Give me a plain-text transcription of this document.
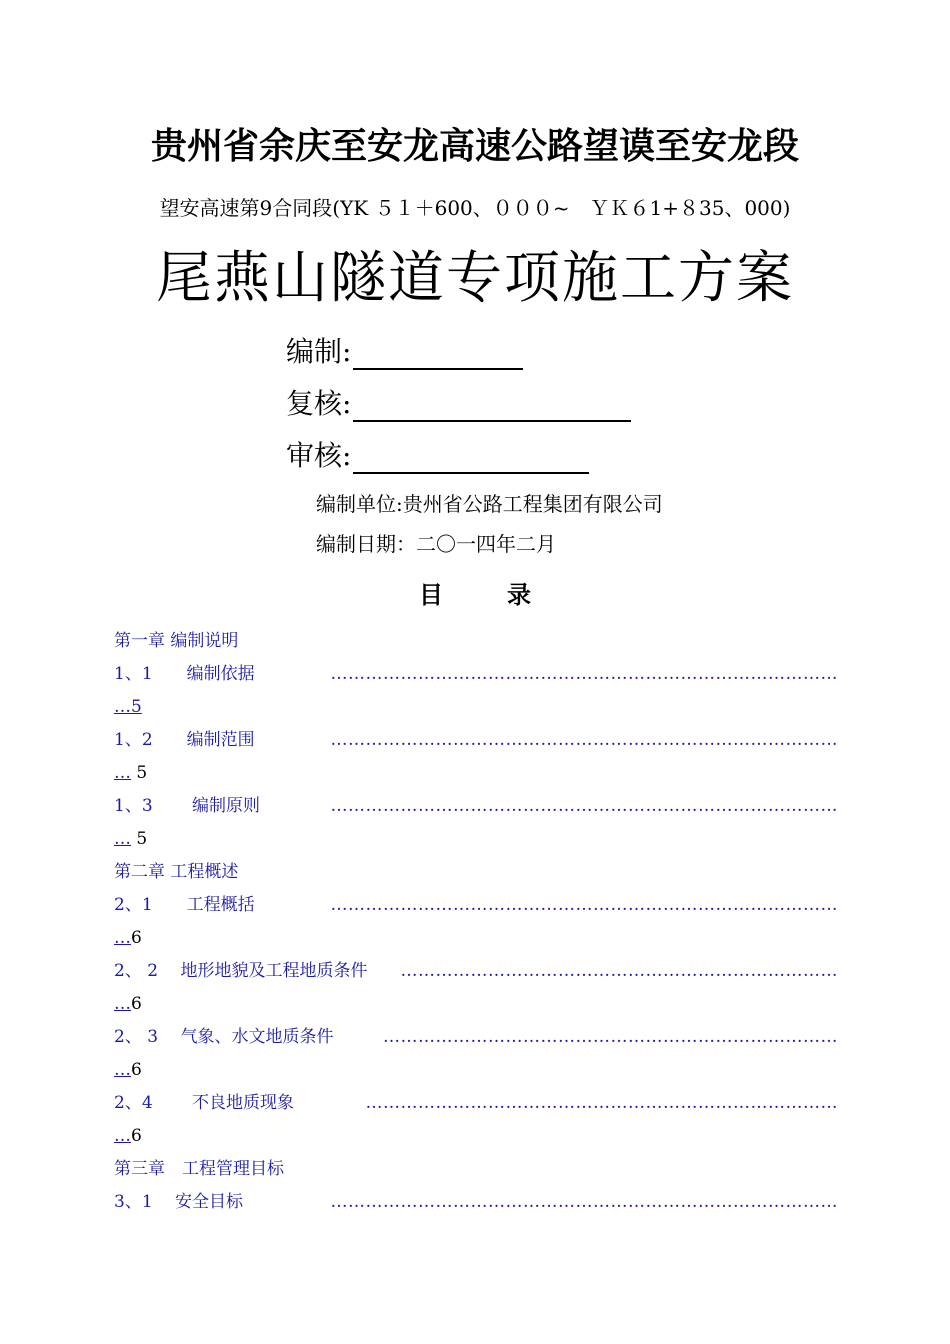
贵州省余庆至安龙高速公路望谟至安龙段
望安高速第9合同段(YK ５１＋600、０００~　ＹＫ６1+８35、000)
尾燕山隧道专项施工方案
编制:
复核:
审核:
编制单位:贵州省公路工程集团有限公司
编制日期：二〇一四年二月
目	录
第一章 编制说明
1、1　　编制依据	……………………………………………………………………………
…5
1、2　　编制范围	……………………………………………………………………………
… 5
1、3　　 编制原则	……………………………………………………………………………
… 5
第二章 工程概述
2、1　　工程概括	……………………………………………………………………………
…6
2、 2　 地形地貌及工程地质条件 …………………………………………………………………
…6
2、 3　 气象、水文地质条件	……………………………………………………………………
…6
2、4　　 不良地质现象	………………………………………………………………………
…6
第三章　工程管理目标
3、1　 安全目标	……………………………………………………………………………
